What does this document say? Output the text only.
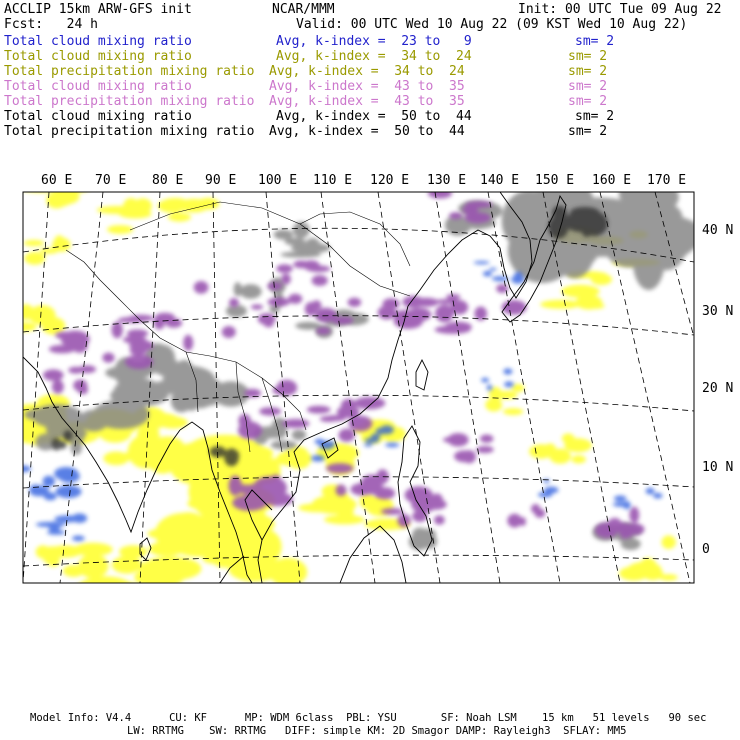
ACCLIP 15km ARW-GFS init	NCAR/MMM	Init: 00 UTC Tue 09 Aug 22
Fcst:   24 h	Valid: 00 UTC Wed 10 Aug 22 (09 KST Wed 10 Aug 22)
Total cloud mixing ratio	Avg, k-index =  23 to   9	sm= 2
Total cloud mixing ratio	Avg, k-index =  34 to  24	sm= 2
Total precipitation mixing ratio Avg, k-index =  34 to  24	sm= 2
Total cloud mixing ratio	Avg, k-index =  43 to  35	sm= 2
Total precipitation mixing ratio Avg, k-index =  43 to  35	sm= 2
Total cloud mixing ratio	Avg, k-index =  50 to  44	sm= 2
Total precipitation mixing ratio Avg, k-index =  50 to  44	sm= 2
60 E 70 E 80 E 90 E 100 E 110 E 120 E 130 E 140 E 150 E 160 E 170 E
40 N
30 N
20 N
10 N
0
Model Info: V4.4      CU: KF      MP: WDM 6class  PBL: YSU       SF: Noah LSM    15 km   51 levels   90 sec
LW: RRTMG    SW: RRTMG   DIFF: simple KM: 2D Smagor DAMP: Rayleigh3  SFLAY: MM5
